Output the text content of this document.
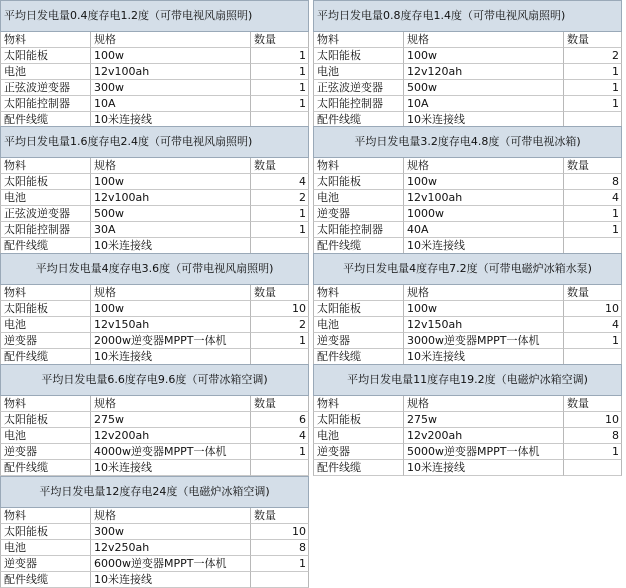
平均日发电量0.4度存电1.2度（可带电视风扇照明)
物料	规格	数量
太阳能板	100w	1
电池	12v100ah	1
正弦波逆变器	300w	1
太阳能控制器	10A	1
配件线缆	10米连接线
平均日发电量0.8度存电1.4度（可带电视风扇照明)
物料	规格	数量
太阳能板	100w	2
电池	12v120ah	1
正弦波逆变器	500w	1
太阳能控制器	10A	1
配件线缆	10米连接线
平均日发电量1.6度存电2.4度（可带电视风扇照明)
物料	规格	数量
太阳能板	100w	4
电池	12v100ah	2
正弦波逆变器	500w	1
太阳能控制器	30A	1
配件线缆	10米连接线
平均日发电量3.2度存电4.8度（可带电视冰箱)
物料	规格	数量
太阳能板	100w	8
电池	12v100ah	4
逆变器	1000w	1
太阳能控制器	40A	1
配件线缆	10米连接线
平均日发电量4度存电3.6度（可带电视风扇照明)
物料	规格	数量
太阳能板	100w	10
电池	12v150ah	2
逆变器	2000w逆变器MPPT一体机	1
配件线缆	10米连接线
平均日发电量4度存电7.2度（可带电磁炉冰箱水泵)
物料	规格	数量
太阳能板	100w	10
电池	12v150ah	4
逆变器	3000w逆变器MPPT一体机	1
配件线缆	10米连接线
平均日发电量6.6度存电9.6度（可带冰箱空调)
物料	规格	数量
太阳能板	275w	6
电池	12v200ah	4
逆变器	4000w逆变器MPPT一体机	1
配件线缆	10米连接线
平均日发电量11度存电19.2度（电磁炉冰箱空调)
物料	规格	数量
太阳能板	275w	10
电池	12v200ah	8
逆变器	5000w逆变器MPPT一体机	1
配件线缆	10米连接线
平均日发电量12度存电24度（电磁炉冰箱空调)
物料	规格	数量
太阳能板	300w	10
电池	12v250ah	8
逆变器	6000w逆变器MPPT一体机	1
配件线缆	10米连接线
